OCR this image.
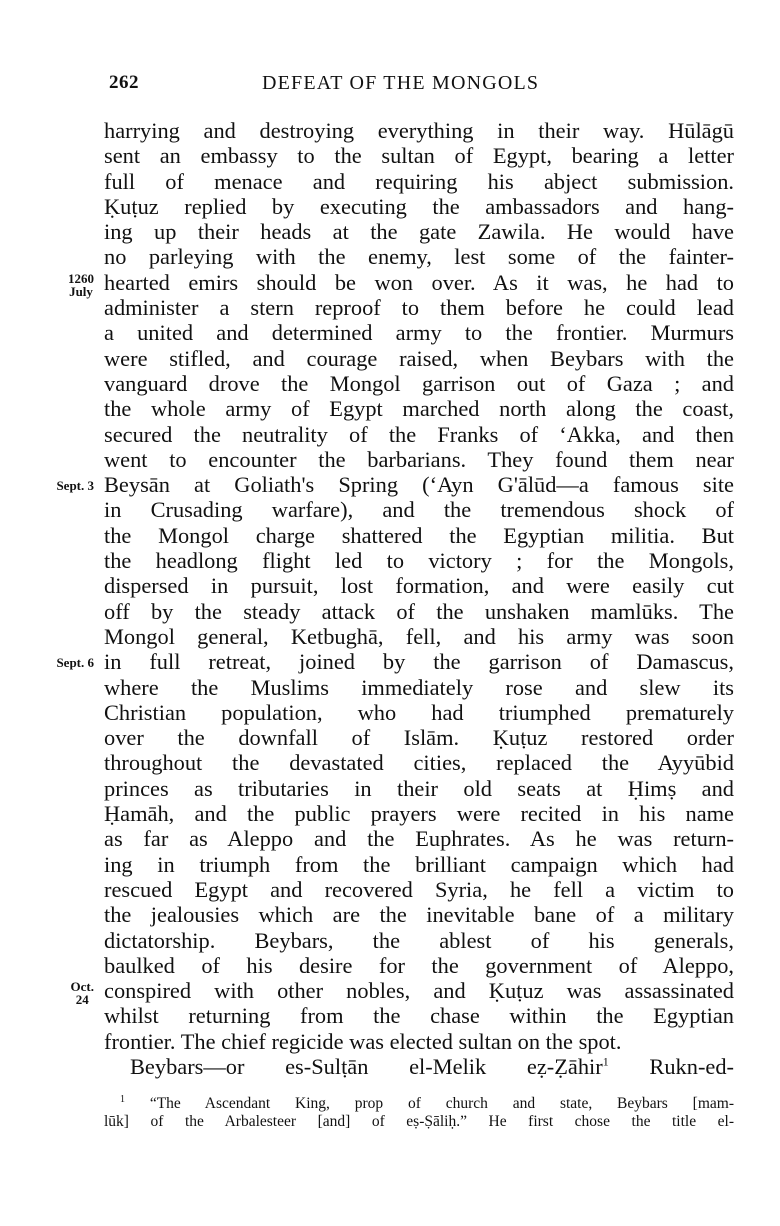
262	DEFEAT OF THE MONGOLS
harrying and destroying everything in their way. Hūlāgū
sent an embassy to the sultan of Egypt, bearing a letter
full of menace and requiring his abject submission.
Ḳuṭuz replied by executing the ambassadors and hang-
ing up their heads at the gate Zawila. He would have
no parleying with the enemy, lest some of the fainter-
hearted emirs should be won over. As it was, he had to
administer a stern reproof to them before he could lead
a united and determined army to the frontier. Murmurs
were stifled, and courage raised, when Beybars with the
vanguard drove the Mongol garrison out of Gaza ; and
the whole army of Egypt marched north along the coast,
secured the neutrality of the Franks of ‘Akka, and then
went to encounter the barbarians. They found them near
Beysān at Goliath's Spring (‘Ayn G'ālūd—a famous site
in Crusading warfare), and the tremendous shock of
the Mongol charge shattered the Egyptian militia. But
the headlong flight led to victory ; for the Mongols,
dispersed in pursuit, lost formation, and were easily cut
off by the steady attack of the unshaken mamlūks. The
Mongol general, Ketbughā, fell, and his army was soon
in full retreat, joined by the garrison of Damascus,
where the Muslims immediately rose and slew its
Christian population, who had triumphed prematurely
over the downfall of Islām. Ḳuṭuz restored order
throughout the devastated cities, replaced the Ayyūbid
princes as tributaries in their old seats at Ḥimṣ and
Ḥamāh, and the public prayers were recited in his name
as far as Aleppo and the Euphrates. As he was return-
ing in triumph from the brilliant campaign which had
rescued Egypt and recovered Syria, he fell a victim to
the jealousies which are the inevitable bane of a military
dictatorship. Beybars, the ablest of his generals,
baulked of his desire for the government of Aleppo,
conspired with other nobles, and Ḳuṭuz was assassinated
whilst returning from the chase within the Egyptian
frontier. The chief regicide was elected sultan on the spot.
Beybars—or es-Sulṭān el-Melik eẓ-Ẓāhir$^1$ Rukn-ed-
1260
July
Sept. 3
Sept. 6
Oct.
24
$^1$ “The Ascendant King, prop of church and state, Beybars [mam-
lūk] of the Arbalesteer [and] of eṣ-Ṣāliḥ.” He first chose the title el-
